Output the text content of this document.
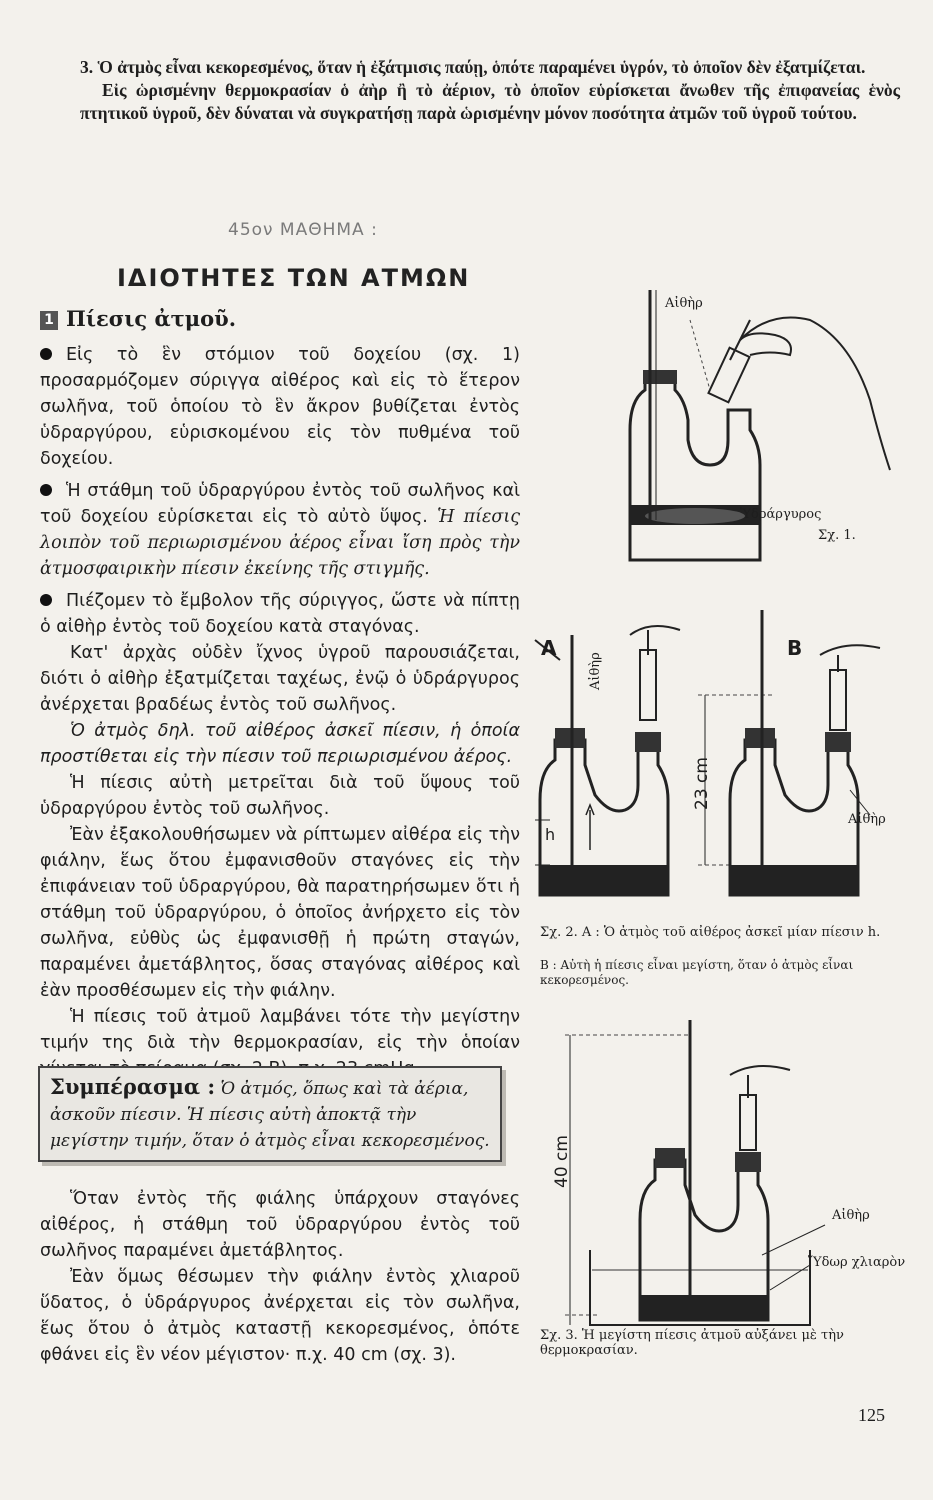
3. Ὁ ἀτμὸς εἶναι κεκορεσμένος, ὅταν ἡ ἐξάτμισις παύῃ, ὁπότε παραμένει ὑγρόν, τὸ ὁποῖον δὲν ἐξατμίζεται.

Εἰς ὡρισμένην θερμοκρασίαν ὁ ἀὴρ ἢ τὸ ἀέριον, τὸ ὁποῖον εὑρίσκεται ἄνωθεν τῆς ἐπιφανείας ἑνὸς πτητικοῦ ὑγροῦ, δὲν δύναται νὰ συγκρατήσῃ παρὰ ὡρισμένην μόνον ποσότητα ἀτμῶν τοῦ ὑγροῦ τούτου.

45ον ΜΑΘΗΜΑ :
ΙΔΙΟΤΗΤΕΣ ΤΩΝ ΑΤΜΩΝ
1 Πίεσις ἀτμοῦ.

Εἰς τὸ ἓν στόμιον τοῦ δοχείου (σχ. 1) προσαρμόζομεν σύριγγα αἰθέρος καὶ εἰς τὸ ἕτερον σωλῆνα, τοῦ ὁποίου τὸ ἓν ἄκρον βυθίζεται ἐντὸς ὑδραργύρου, εὑρισκομένου εἰς τὸν πυθμένα τοῦ δοχείου.

Ἡ στάθμη τοῦ ὑδραργύρου ἐντὸς τοῦ σωλῆνος καὶ τοῦ δοχείου εὑρίσκεται εἰς τὸ αὐτὸ ὕψος. Ἡ πίεσις λοιπὸν τοῦ περιωρισμένου ἀέρος εἶναι ἴση πρὸς τὴν ἀτμοσφαιρικὴν πίεσιν ἐκείνης τῆς στιγμῆς.

Πιέζομεν τὸ ἔμβολον τῆς σύριγγος, ὥστε νὰ πίπτῃ ὁ αἰθὴρ ἐντὸς τοῦ δοχείου κατὰ σταγόνας.

Κατ' ἀρχὰς οὐδὲν ἴχνος ὑγροῦ παρουσιάζεται, διότι ὁ αἰθὴρ ἐξατμίζεται ταχέως, ἐνῷ ὁ ὑδράργυρος ἀνέρχεται βραδέως ἐντὸς τοῦ σωλῆνος.

Ὁ ἀτμὸς δηλ. τοῦ αἰθέρος ἀσκεῖ πίεσιν, ἡ ὁποία προστίθεται εἰς τὴν πίεσιν τοῦ περιωρισμένου ἀέρος.

Ἡ πίεσις αὐτὴ μετρεῖται διὰ τοῦ ὕψους τοῦ ὑδραργύρου ἐντὸς τοῦ σωλῆνος.

Ἐὰν ἐξακολουθήσωμεν νὰ ρίπτωμεν αἰθέρα εἰς τὴν φιάλην, ἕως ὅτου ἐμφανισθοῦν σταγόνες εἰς τὴν ἐπιφάνειαν τοῦ ὑδραργύρου, θὰ παρατηρήσωμεν ὅτι ἡ στάθμη τοῦ ὑδραργύρου, ὁ ὁποῖος ἀνήρχετο εἰς τὸν σωλῆνα, εὐθὺς ὡς ἐμφανισθῇ ἡ πρώτη σταγών, παραμένει ἀμετάβλητος, ὅσας σταγόνας αἰθέρος καὶ ἐὰν προσθέσωμεν εἰς τὴν φιάλην.

Ἡ πίεσις τοῦ ἀτμοῦ λαμβάνει τότε τὴν μεγίστην τιμήν της διὰ τὴν θερμοκρασίαν, εἰς τὴν ὁποίαν

Συμπέρασμα : Ὁ ἀτμός, ὅπως καὶ τὰ ἀέρια, ἀσκοῦν πίεσιν. Ἡ πίεσις αὐτὴ ἀποκτᾷ τὴν μεγίστην τιμήν, ὅταν ὁ ἀτμὸς εἶναι κεκορεσμένος.

Ὅταν ἐντὸς τῆς φιάλης ὑπάρχουν σταγόνες αἰθέρος, ἡ στάθμη τοῦ ὑδραργύρου ἐντὸς τοῦ σωλῆνος παραμένει ἀμετάβλητος.

Ἐὰν ὅμως θέσωμεν τὴν φιάλην ἐντὸς χλιαροῦ ὕδατος, ὁ ὑδράργυρος ἀνέρχεται εἰς τὸν σωλῆνα, ἕως ὅτου ὁ ἀτμὸς καταστῇ κεκορεσμένος, ὁπότε φθάνει εἰς ἓν νέον μέγιστον· π.χ. 40 cm (σχ. 3).

Αἰθὴρ
Ὑδράργυρος
Σχ. 1.
Α	Β
Αἰθὴρ
Αἰθὴρ
23 cm
h
Σχ. 2. Α : Ὁ ἀτμὸς τοῦ αἰθέρος ἀσκεῖ μίαν πίεσιν h.
Β : Αὐτὴ ἡ πίεσις εἶναι μεγίστη, ὅταν ὁ ἀτμὸς εἶναι κεκορεσμένος.
40 cm
Αἰθὴρ
Ὕδωρ χλιαρὸν
Σχ. 3. Ἡ μεγίστη πίεσις ἀτμοῦ αὐξάνει μὲ τὴν θερμοκρασίαν.
125
